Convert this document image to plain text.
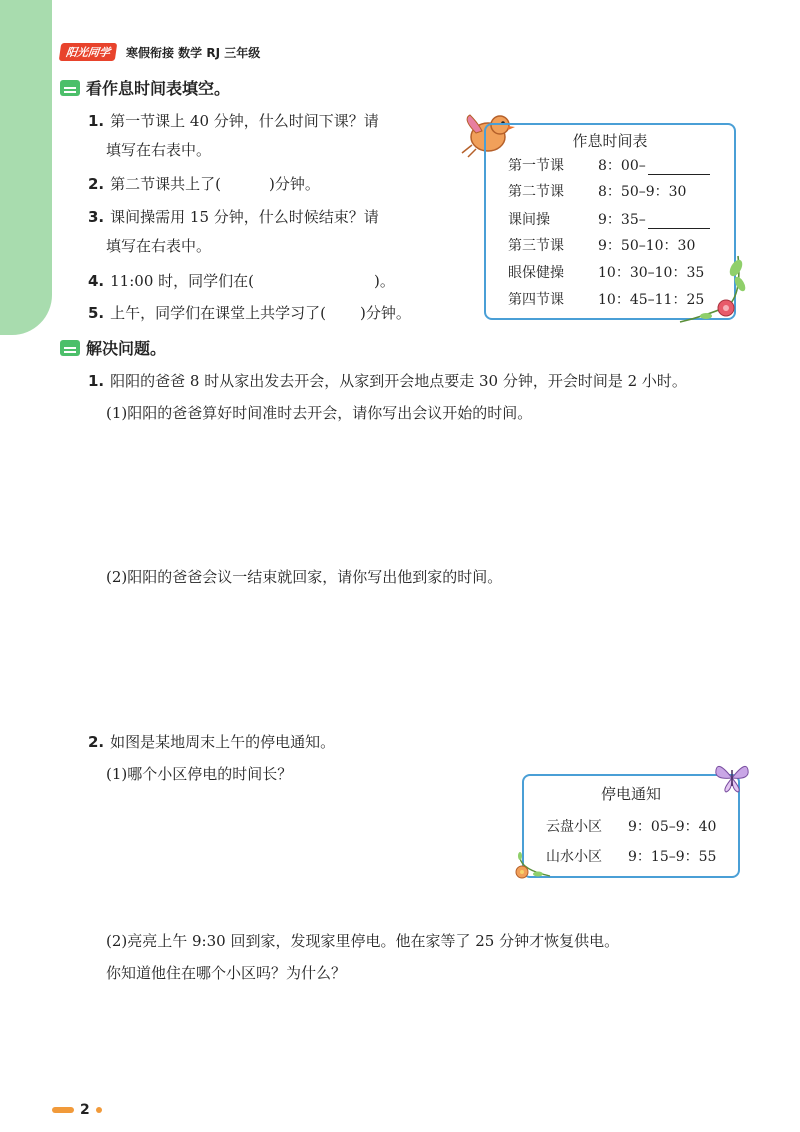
阳光同学	寒假衔接 数学 RJ 三年级
看作息时间表填空。
1. 第一节课上 40 分钟，什么时间下课？请
填写在右表中。
2. 第二节课共上了(	)分钟。
3. 课间操需用 15 分钟，什么时候结束？请
填写在右表中。
4. 11:00 时，同学们在(	)。
5. 上午，同学们在课堂上共学习了( )分钟。
作息时间表
第一节课	8：00–
第二节课	8：50–9：30
课间操	9：35–
第三节课	9：50–10：30
眼保健操	10：30–10：35
第四节课	10：45–11：25
解决问题。
1. 阳阳的爸爸 8 时从家出发去开会，从家到开会地点要走 30 分钟，开会时间是 2 小时。
(1)阳阳的爸爸算好时间准时去开会，请你写出会议开始的时间。
(2)阳阳的爸爸会议一结束就回家，请你写出他到家的时间。
2. 如图是某地周末上午的停电通知。
(1)哪个小区停电的时间长？
停电通知
云盘小区	9：05–9：40
山水小区	9：15–9：55
(2)亮亮上午 9:30 回到家，发现家里停电。他在家等了 25 分钟才恢复供电。
你知道他住在哪个小区吗？为什么？
2
